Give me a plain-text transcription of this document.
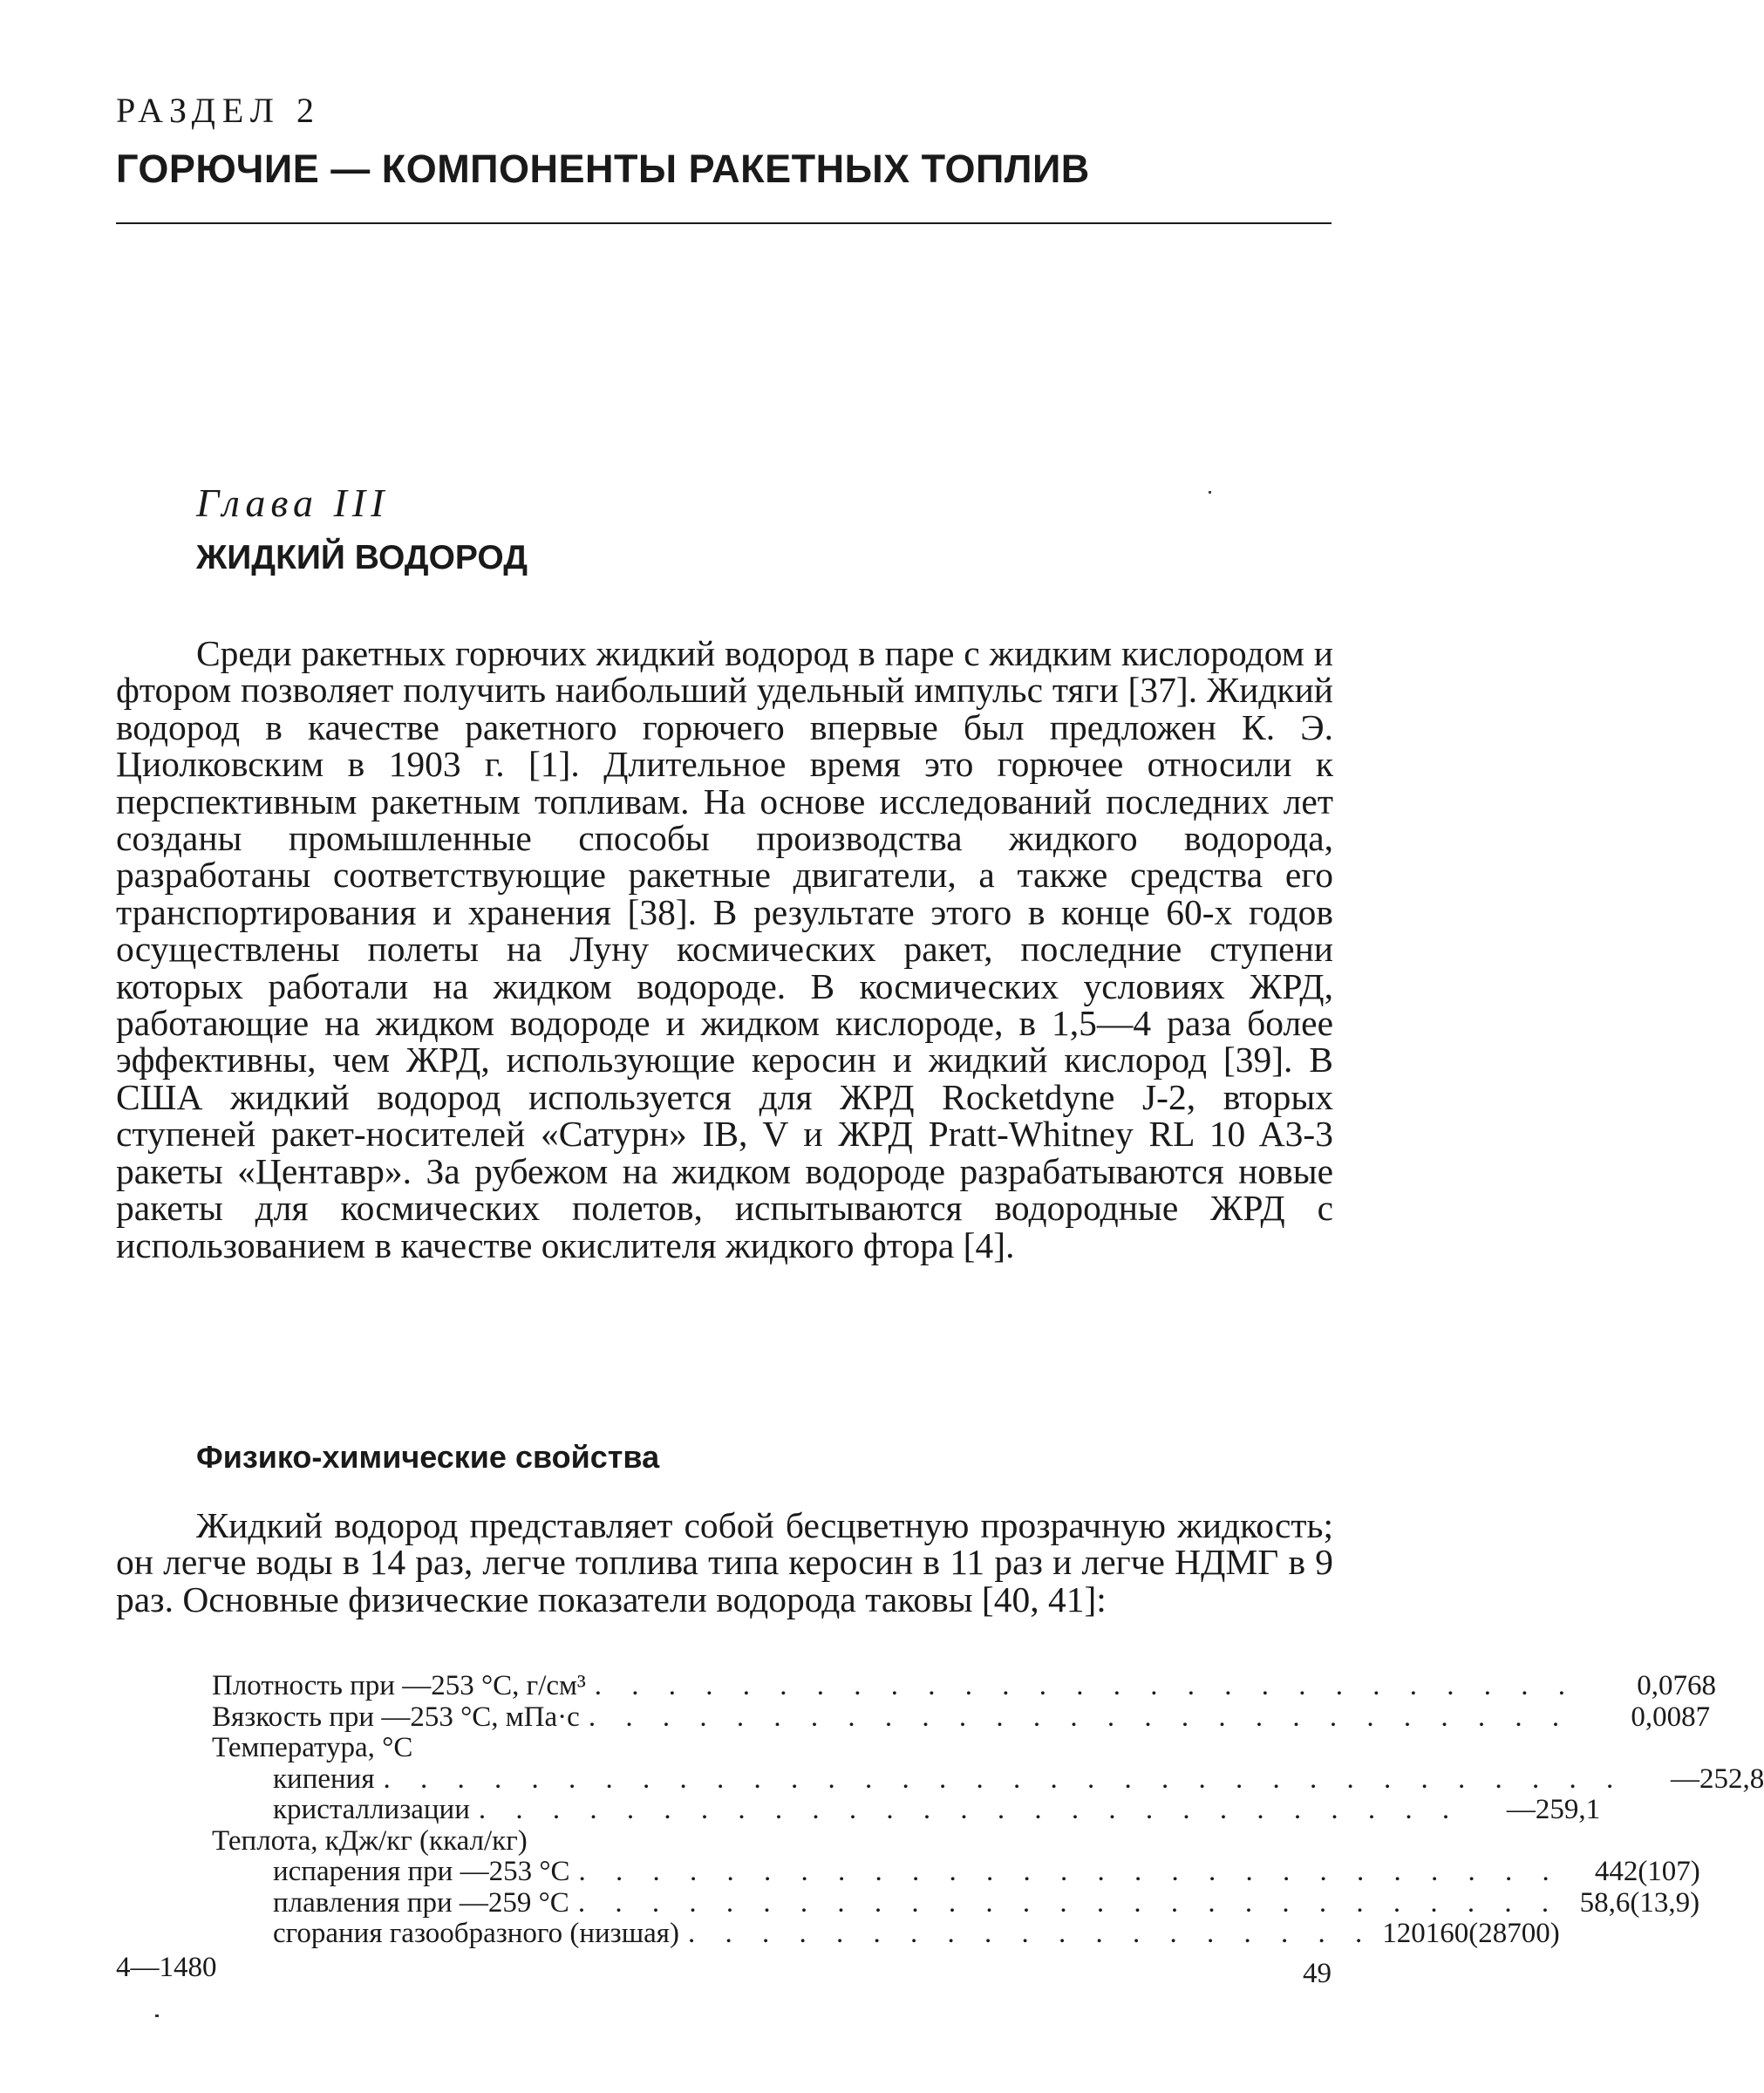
РАЗДЕЛ 2
ГОРЮЧИЕ — КОМПОНЕНТЫ РАКЕТНЫХ ТОПЛИВ
Глава III
ЖИДКИЙ ВОДОРОД
Среди ракетных горючих жидкий водород в паре с жидким кислородом и фтором позволяет получить наибольший удельный импульс тяги [37]. Жидкий водород в качестве ракетного горючего впервые был предложен К. Э. Циолковским в 1903 г. [1]. Длительное время это горючее относили к перспективным ракетным топливам. На основе исследований последних лет созданы промышленные способы производства жидкого водорода, разработаны соответствующие ракетные двигатели, а также средства его транспортирования и хранения [38]. В результате этого в конце 60-х годов осуществлены полеты на Луну космических ракет, последние ступени которых работали на жидком водороде. В космических условиях ЖРД, работающие на жидком водороде и жидком кислороде, в 1,5—4 раза более эффективны, чем ЖРД, использующие керосин и жидкий кислород [39]. В США жидкий водород используется для ЖРД Rocketdyne J-2, вторых ступеней ракет-носителей «Сатурн» IB, V и ЖРД Pratt-Whitney RL 10 A3-3 ракеты «Центавр». За рубежом на жидком водороде разрабатываются новые ракеты для космических полетов, испытываются водородные ЖРД с использованием в качестве окислителя жидкого фтора [4].
Физико-химические свойства
Жидкий водород представляет собой бесцветную прозрачную жидкость; он легче воды в 14 раз, легче топлива типа керосин в 11 раз и легче НДМГ в 9 раз. Основные физические показатели водорода таковы [40, 41]:
Плотность при —253 °С, г/см³ . . . . . . . . . . . . . . . . . . . . . . . . . . .	0,0768
Вязкость при —253 °С, мПа·с . . . . . . . . . . . . . . . . . . . . . . . . . . .	0,0087
Температура, °С
кипения . . . . . . . . . . . . . . . . . . . . . . . . . . . . . . . . . .	—252,8
кристаллизации . . . . . . . . . . . . . . . . . . . . . . . . . . .	—259,1
Теплота, кДж/кг (ккал/кг)
испарения при —253 °С . . . . . . . . . . . . . . . . . . . . . . . . . . .	442(107)
плавления при —259 °С . . . . . . . . . . . . . . . . . . . . . . . . . . . 58,6(13,9)
сгорания газообразного (низшая) . . . . . . . . . . . . . . . . . . . 120160(28700)
4—1480	49
